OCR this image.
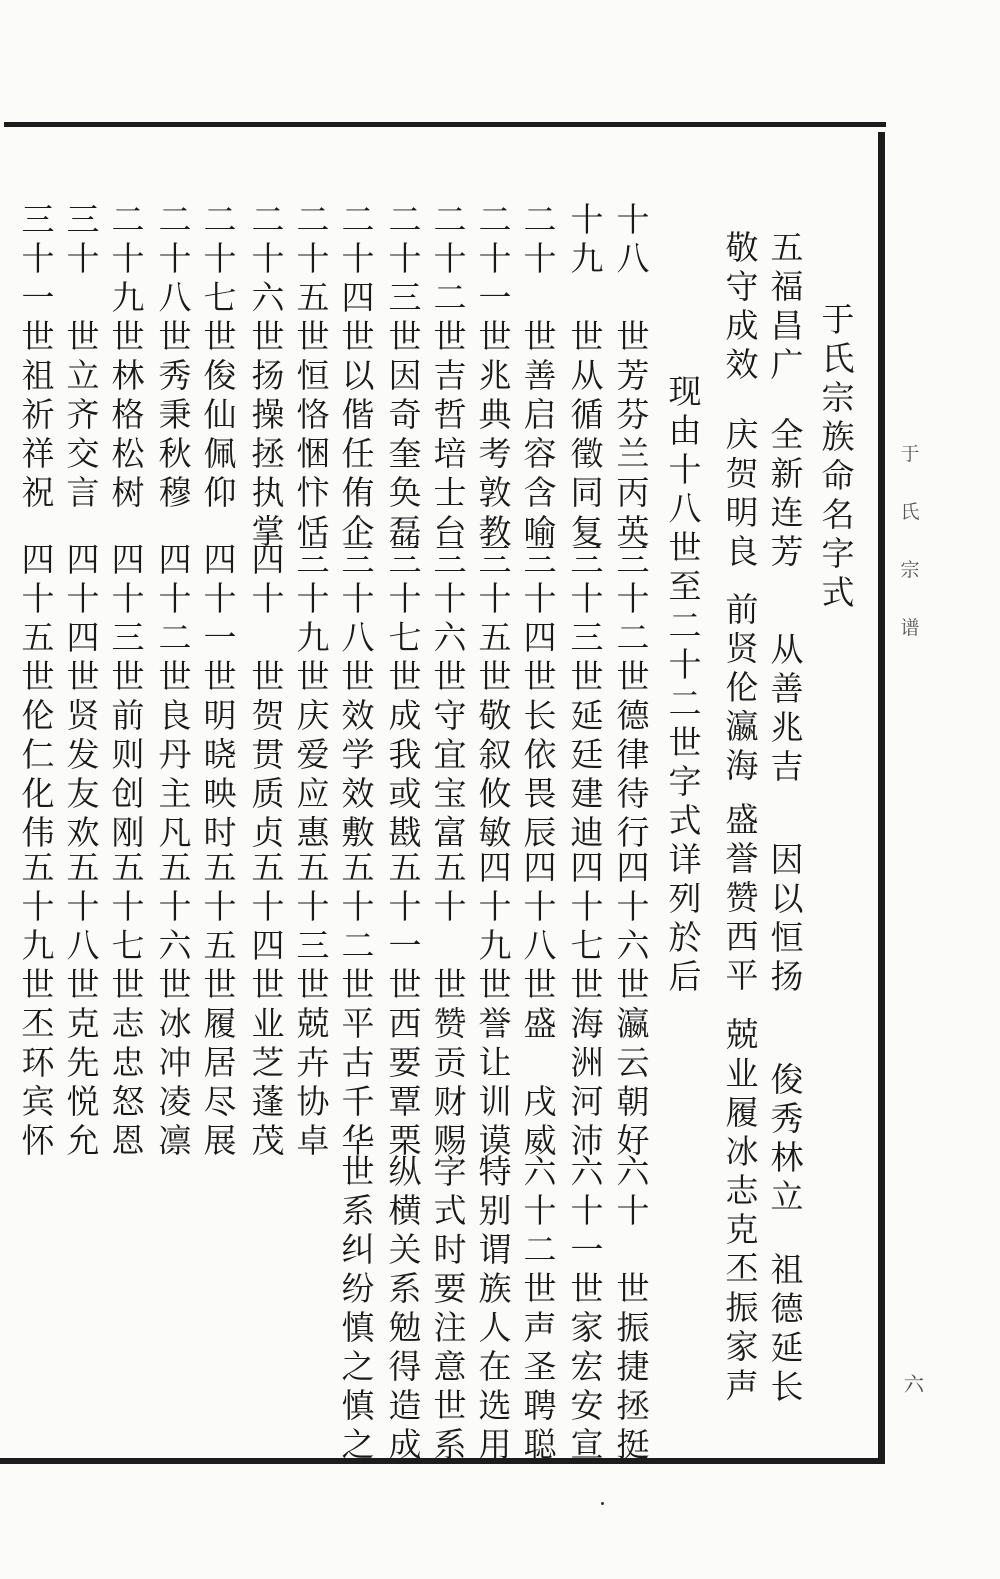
于
氏
宗
谱
六
于
氏
宗
族
命
名
字
式
五
福
昌
广
全
新
连
芳
从
善
兆
吉
因
以
恒
扬
俊
秀
林
立
祖
德
延
长
敬
守
成
效
庆
贺
明
良
前
贤
伦
瀛
海
盛
誉
赞
西
平
兢
业
履
冰
志
克
丕
振
家
声
现
由
十
八
世
至
二
十
二
世
字
式
详
列
於
后
十
八

世
芳
芬
兰
丙
英
十
九

世
从
循
徵
同
复
二
十

世
善
启
容
含
喻
二
十
一
世
兆
典
考
敦
教
二
十
二
世
吉
哲
培
士
台
二
十
三
世
因
奇
奎
奂
磊
二
十
四
世
以
偕
任
侑
企
二
十
五
世
恒
恪
悃
忭
恬
二
十
六
世
扬
操
拯
执
掌
二
十
七
世
俊
仙
佩
仰
二
十
八
世
秀
秉
秋
穆
二
十
九
世
林
格
松
树
三
十

世
立
齐
交
言
三
十
一
世
祖
祈
祥
祝
三
十
二
世
德
律
待
行
三
十
三
世
延
廷
建
迪
三
十
四
世
长
依
畏
辰
三
十
五
世
敬
叙
攸
敏
三
十
六
世
守
宜
宝
富
三
十
七
世
成
我
或
戡
三
十
八
世
效
学
效
敷
三
十
九
世
庆
爱
应
惠
四
十

世
贺
贯
质
贞
四
十
一
世
明
晓
映
时
四
十
二
世
良
丹
主
凡
四
十
三
世
前
则
创
刚
四
十
四
世
贤
发
友
欢
四
十
五
世
伦
仁
化
伟
四
十
六
世
瀛
云
朝
好
四
十
七
世
海
洲
河
沛
四
十
八
世
盛

戌
威
四
十
九
世
誉
让
训
谟
五
十

世
赞
贡
财
赐
五
十
一
世
西
要
覃
栗
五
十
二
世
平
古
千
华
五
十
三
世
兢
卉
协
卓
五
十
四
世
业
芝
蓬
茂
五
十
五
世
履
居
尽
展
五
十
六
世
冰
冲
凌
凛
五
十
七
世
志
忠
怒
恩
五
十
八
世
克
先
悦
允
五
十
九
世
丕
环
宾
怀
六
十

世
振
捷
拯
挺
六
十
一
世
家
宏
安
宣
六
十
二
世
声
圣
聘
聪
特
别
谓
族
人
在
选
用
字
式
时
要
注
意
世
系
纵
横
关
系
勉
得
造
成
世
系
纠
纷
慎
之
慎
之
